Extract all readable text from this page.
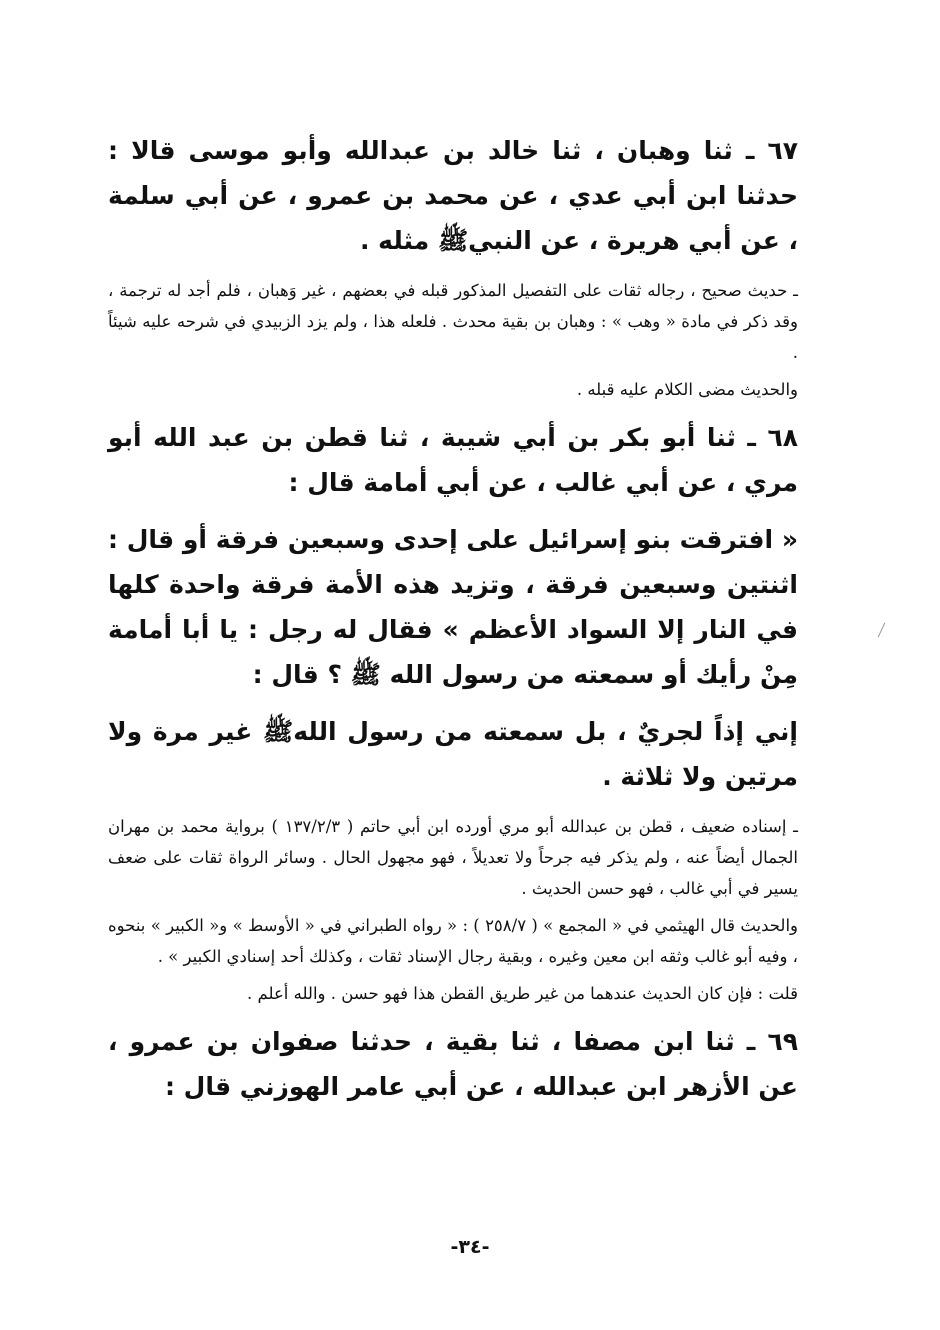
٦٧ ـ ثنا وهبان ، ثنا خالد بن عبدالله وأبو موسى قالا : حدثنا ابن أبي عدي ، عن محمد بن عمرو ، عن أبي سلمة ، عن أبي هريرة ، عن النبيﷺ مثله .

ـ حديث صحيح ، رجاله ثقات على التفصيل المذكور قبله في بعضهم ، غير وَهبان ، فلم أجد له ترجمة ، وقد ذكر في مادة « وهب » : وهبان بن بقية محدث . فلعله هذا ، ولم يزد الزبيدي في شرحه عليه شيئاً .

والحديث مضى الكلام عليه قبله .

٦٨ ـ ثنا أبو بكر بن أبي شيبة ، ثنا قطن بن عبد الله أبو مري ، عن أبي غالب ، عن أبي أمامة قال :

« افترقت بنو إسرائيل على إحدى وسبعين فرقة أو قال : اثنتين وسبعين فرقة ، وتزيد هذه الأمة فرقة واحدة كلها في النار إلا السواد الأعظم » فقال له رجل : يا أبا أمامة مِنْ رأيك أو سمعته من رسول الله ﷺ ؟ قال :

إني إذاً لجريٌ ، بل سمعته من رسول اللهﷺ غير مرة ولا مرتين ولا ثلاثة .

ـ إسناده ضعيف ، قطن بن عبدالله أبو مري أورده ابن أبي حاتم ( ١٣٧/٢/٣ ) برواية محمد بن مهران الجمال أيضاً عنه ، ولم يذكر فيه جرحاً ولا تعديلاً ، فهو مجهول الحال . وسائر الرواة ثقات على ضعف يسير في أبي غالب ، فهو حسن الحديث .

والحديث قال الهيثمي في « المجمع » ( ٢٥٨/٧ ) : « رواه الطبراني في « الأوسط » و« الكبير » بنحوه ، وفيه أبو غالب وثقه ابن معين وغيره ، وبقية رجال الإسناد ثقات ، وكذلك أحد إسنادي الكبير » .

قلت : فإن كان الحديث عندهما من غير طريق القطن هذا فهو حسن . والله أعلم .

٦٩ ـ ثنا ابن مصفا ، ثنا بقية ، حدثنا صفوان بن عمرو ، عن الأزهر ابن عبدالله ، عن أبي عامر الهوزني قال :

-٣٤-
